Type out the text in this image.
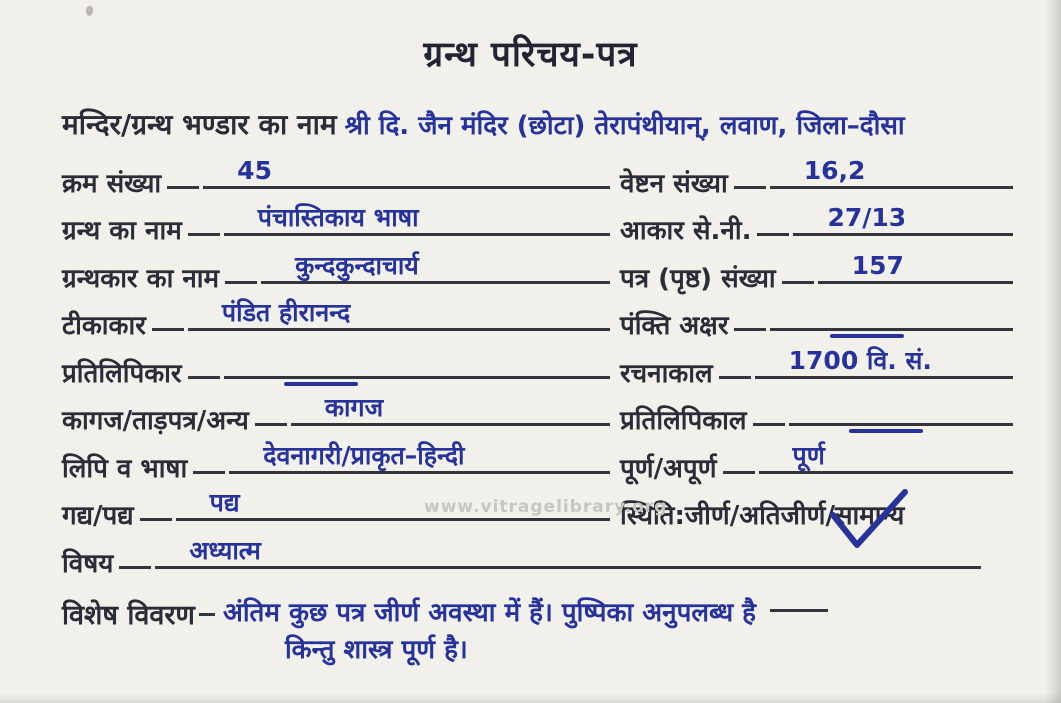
ग्रन्थ परिचय-पत्र
मन्दिर/ग्रन्थ भण्डार का नाम श्री दि. जैन मंदिर (छोटा) तेरापंथीयान्, लवाण, जिला–दौसा
क्रम संख्या	45
ग्रन्थ का नाम	पंचास्तिकाय भाषा
ग्रन्थकार का नाम	कुन्दकुन्दाचार्य
टीकाकार	पंडित हीरानन्द
प्रतिलिपिकार
कागज/ताड़पत्र/अन्य	कागज
लिपि व भाषा	देवनागरी/प्राकृत–हिन्दी
गद्य/पद्य	पद्य
वेष्टन संख्या	16,2
आकार से.नी.	27/13
पत्र (पृष्ठ) संख्या	157
पंक्ति अक्षर
रचनाकाल	1700 वि. सं.
प्रतिलिपिकाल
पूर्ण/अपूर्ण	पूर्ण
स्थिति:जीर्ण/अतिजीर्ण/ सामान्य
विषय	अध्यात्म
विशेष विवरण अंतिम कुछ पत्र जीर्ण अवस्था में हैं। पुष्पिका अनुपलब्ध है
किन्तु शास्त्र पूर्ण है।
www.vitragelibrary.org
